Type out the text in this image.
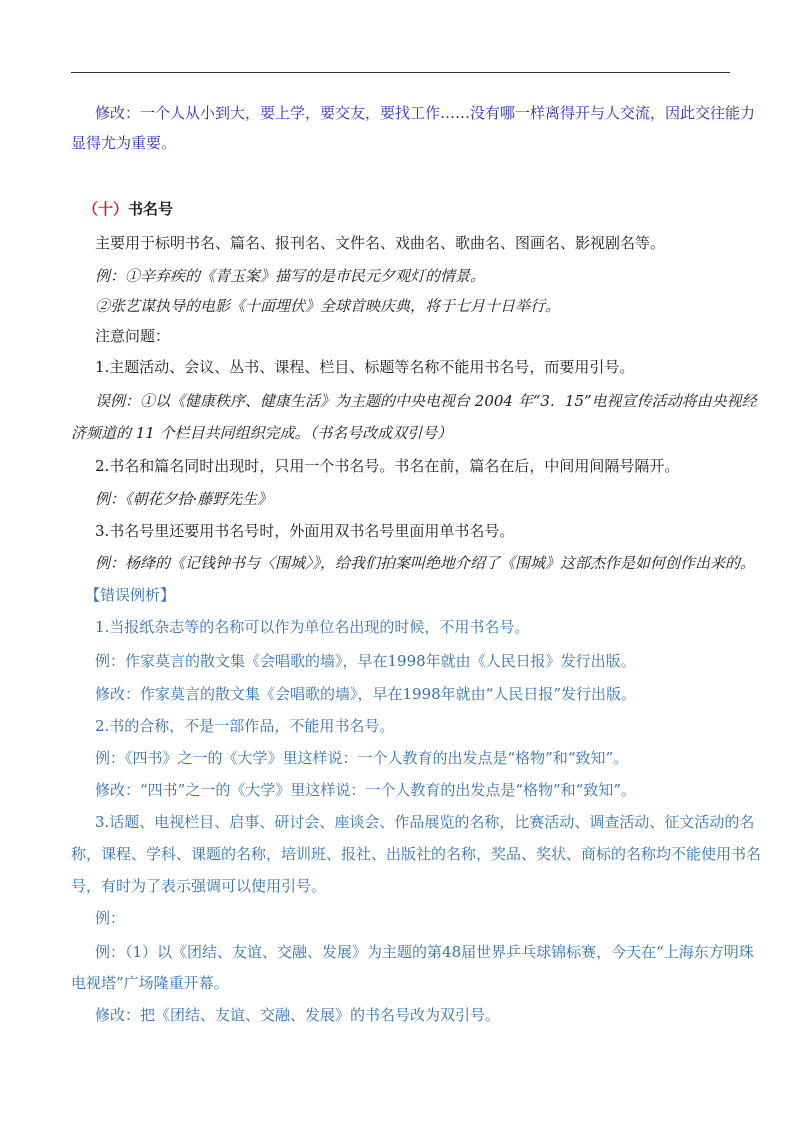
修改：一个人从小到大，要上学，要交友，要找工作……没有哪一样离得开与人交流，因此交往能力
显得尤为重要。
（十）书名号
主要用于标明书名、篇名、报刊名、文件名、戏曲名、歌曲名、图画名、影视剧名等。
例：①辛弃疾的《青玉案》描写的是市民元夕观灯的情景。
②张艺谋执导的电影《十面埋伏》全球首映庆典，将于七月十日举行。
注意问题：
1.主题活动、会议、丛书、课程、栏目、标题等名称不能用书名号，而要用引号。
误例：①以《健康秩序、健康生活》为主题的中央电视台 2004 年“3．15”电视宣传活动将由央视经
济频道的 11 个栏目共同组织完成。（书名号改成双引号）
2.书名和篇名同时出现时，只用一个书名号。书名在前，篇名在后，中间用间隔号隔开。
例：《朝花夕拾·藤野先生》
3.书名号里还要用书名号时，外面用双书名号里面用单书名号。
例：杨绛的《记钱钟书与〈围城〉》，给我们拍案叫绝地介绍了《围城》这部杰作是如何创作出来的。
【错误例析】
1.当报纸杂志等的名称可以作为单位名出现的时候，不用书名号。
例：作家莫言的散文集《会唱歌的墙》，早在1998年就由《人民日报》发行出版。
修改：作家莫言的散文集《会唱歌的墙》，早在1998年就由“人民日报”发行出版。
2.书的合称，不是一部作品，不能用书名号。
例：《四书》之一的《大学》里这样说：一个人教育的出发点是“格物”和“致知”。
修改：“四书”之一的《大学》里这样说：一个人教育的出发点是“格物”和“致知”。
3.话题、电视栏目、启事、研讨会、座谈会、作品展览的名称，比赛活动、调查活动、征文活动的名
称，课程、学科、课题的名称，培训班、报社、出版社的名称，奖品、奖状、商标的名称均不能使用书名
号，有时为了表示强调可以使用引号。
例：
例：（1）以《团结、友谊、交融、发展》为主题的第48届世界乒乓球锦标赛，今天在“上海东方明珠
电视塔”广场隆重开幕。
修改：把《团结、友谊、交融、发展》的书名号改为双引号。
